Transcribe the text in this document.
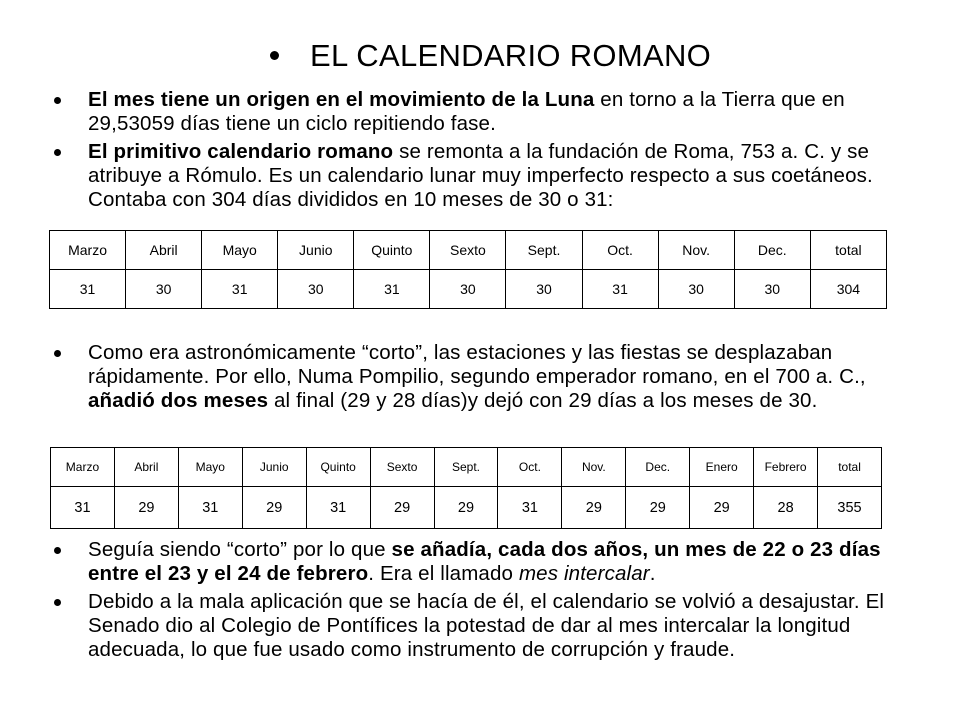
EL CALENDARIO ROMANO
El mes tiene un origen en el movimiento de la Luna en torno a la Tierra que en 29,53059 días tiene un ciclo repitiendo fase.
El primitivo calendario romano se remonta a la fundación de Roma, 753 a. C. y se atribuye a Rómulo. Es un calendario lunar muy imperfecto respecto a sus coetáneos. Contaba con 304 días divididos en 10 meses de 30 o 31:
Marzo	Abril	Mayo	Junio	Quinto	Sexto	Sept.	Oct.	Nov.	Dec.	total
31	30	31	30	31	30	30	31	30	30	304
Como era astronómicamente “corto”, las estaciones y las fiestas se desplazaban rápidamente. Por ello, Numa Pompilio, segundo emperador romano, en el 700 a. C., añadió dos meses al final (29 y 28 días)y dejó con 29 días a los meses de 30.
Marzo	Abril	Mayo	Junio	Quinto	Sexto	Sept.	Oct.	Nov.	Dec.	Enero	Febrero	total
31	29	31	29	31	29	29	31	29	29	29	28	355
Seguía siendo “corto” por lo que se añadía, cada dos años, un mes de 22 o 23 días entre el 23 y el 24 de febrero. Era el llamado mes intercalar.
Debido a la mala aplicación que se hacía de él, el calendario se volvió a desajustar. El Senado dio al Colegio de Pontífices la potestad de dar al mes intercalar la longitud adecuada, lo que fue usado como instrumento de corrupción y fraude.
